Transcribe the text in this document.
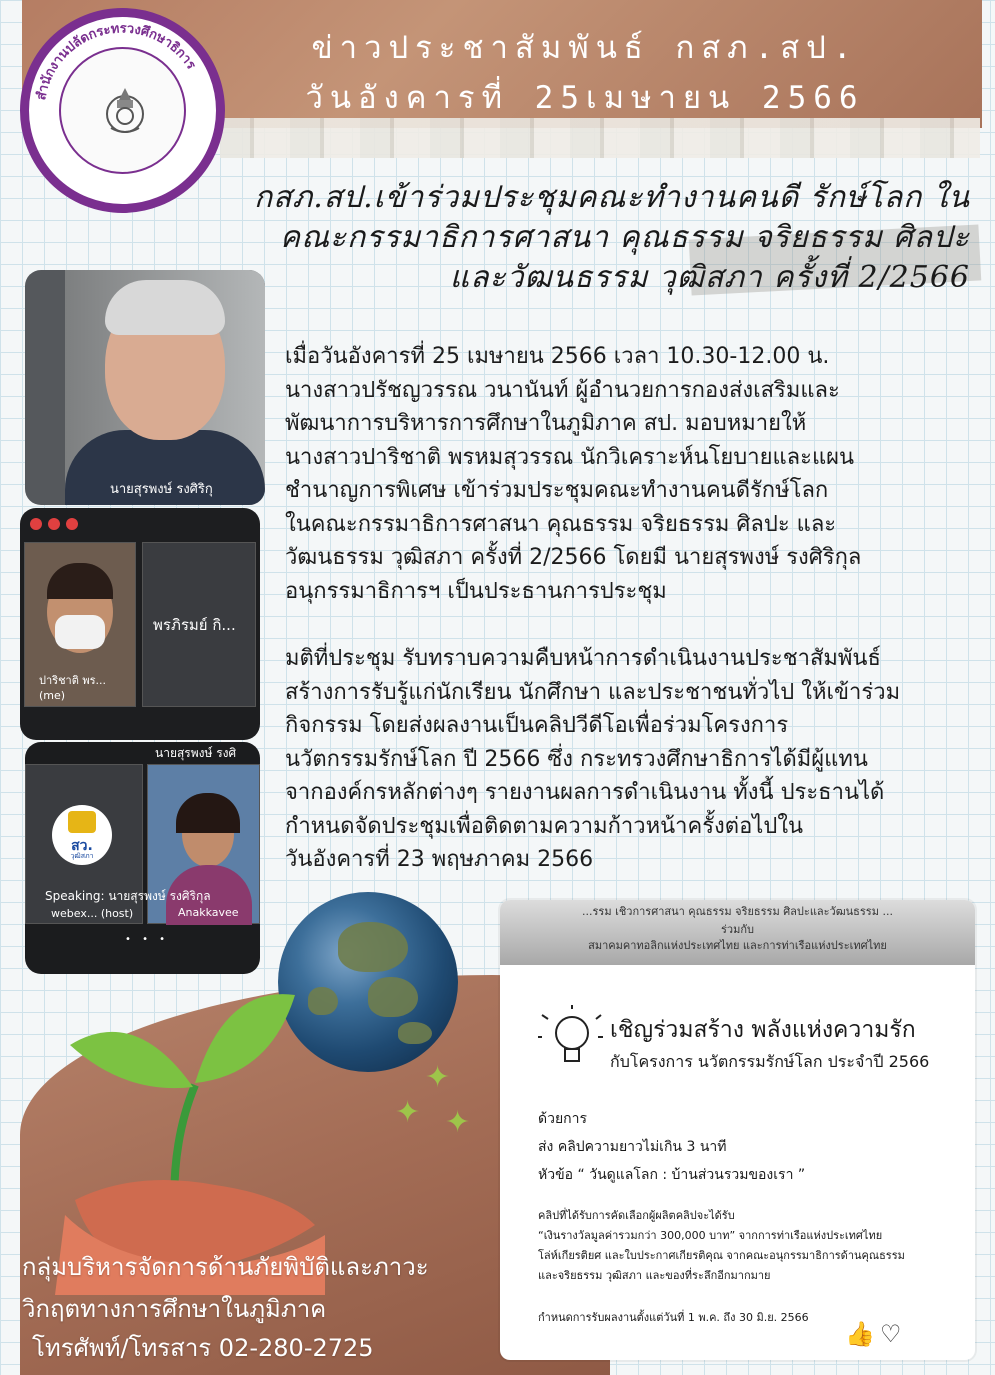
ข่าวประชาสัมพันธ์ กสภ.สป.
วันอังคารที่ 25เมษายน 2566
สำนักงานปลัดกระทรวงศึกษาธิการ
กสภ.สป.เข้าร่วมประชุมคณะทำงานคนดี รักษ์โลก ใน
คณะกรรมาธิการศาสนา คุณธรรม จริยธรรม ศิลปะ
และวัฒนธรรม วุฒิสภา ครั้งที่ 2/2566
นายสุรพงษ์ รงศิริกุ
ปาริชาติ พร... (me)
พรภิรมย์ กิ...
นายสุรพงษ์ รงศิ
สว.
วุฒิสภา
Anakkavee
Speaking: นายสุรพงษ์ รงศิริกุล
webex... (host)
• • •
เมื่อวันอังคารที่ 25 เมษายน 2566 เวลา 10.30-12.00 น.
นางสาวปรัชญวรรณ วนานันท์ ผู้อำนวยการกองส่งเสริมและ
พัฒนาการบริหารการศึกษาในภูมิภาค สป. มอบหมายให้
นางสาวปาริชาติ พรหมสุวรรณ นักวิเคราะห์นโยบายและแผน
ชำนาญการพิเศษ เข้าร่วมประชุมคณะทำงานคนดีรักษ์โลก
ในคณะกรรมาธิการศาสนา คุณธรรม จริยธรรม ศิลปะ และ
วัฒนธรรม วุฒิสภา ครั้งที่ 2/2566 โดยมี นายสุรพงษ์ รงศิริกุล
อนุกรรมาธิการฯ เป็นประธานการประชุม
มติที่ประชุม รับทราบความคืบหน้าการดำเนินงานประชาสัมพันธ์
สร้างการรับรู้แก่นักเรียน นักศึกษา และประชาชนทั่วไป ให้เข้าร่วม
กิจกรรม โดยส่งผลงานเป็นคลิปวีดีโอเพื่อร่วมโครงการ
นวัตกรรมรักษ์โลก ปี 2566 ซึ่ง กระทรวงศึกษาธิการได้มีผู้แทน
จากองค์กรหลักต่างๆ รายงานผลการดำเนินงาน ทั้งนี้ ประธานได้
กำหนดจัดประชุมเพื่อติดตามความก้าวหน้าครั้งต่อไปใน
วันอังคารที่ 23 พฤษภาคม 2566
✦
✦ ✦
...รรม เชิวการศาสนา คุณธรรม จริยธรรม ศิลปะและวัฒนธรรม ...
ร่วมกับ
สมาคมคาทอลิกแห่งประเทศไทย และการท่าเรือแห่งประเทศไทย
เชิญร่วมสร้าง พลังแห่งความรัก
กับโครงการ นวัตกรรมรักษ์โลก ประจำปี 2566
ด้วยการ
ส่ง คลิปความยาวไม่เกิน 3 นาที
หัวข้อ “ วันดูแลโลก : บ้านส่วนรวมของเรา ”
คลิปที่ได้รับการคัดเลือกผู้ผลิตคลิปจะได้รับ
“เงินรางวัลมูลค่ารวมกว่า 300,000 บาท” จากการท่าเรือแห่งประเทศไทย
โล่ห์เกียรติยศ และใบประกาศเกียรติคุณ จากคณะอนุกรรมาธิการด้านคุณธรรม
และจริยธรรม วุฒิสภา และของที่ระลึกอีกมากมาย
กำหนดการรับผลงานตั้งแต่วันที่ 1 พ.ค. ถึง 30 มิ.ย. 2566
👍 ♡
กลุ่มบริหารจัดการด้านภัยพิบัติและภาวะ
วิกฤตทางการศึกษาในภูมิภาค
โทรศัพท์/โทรสาร 02-280-2725
